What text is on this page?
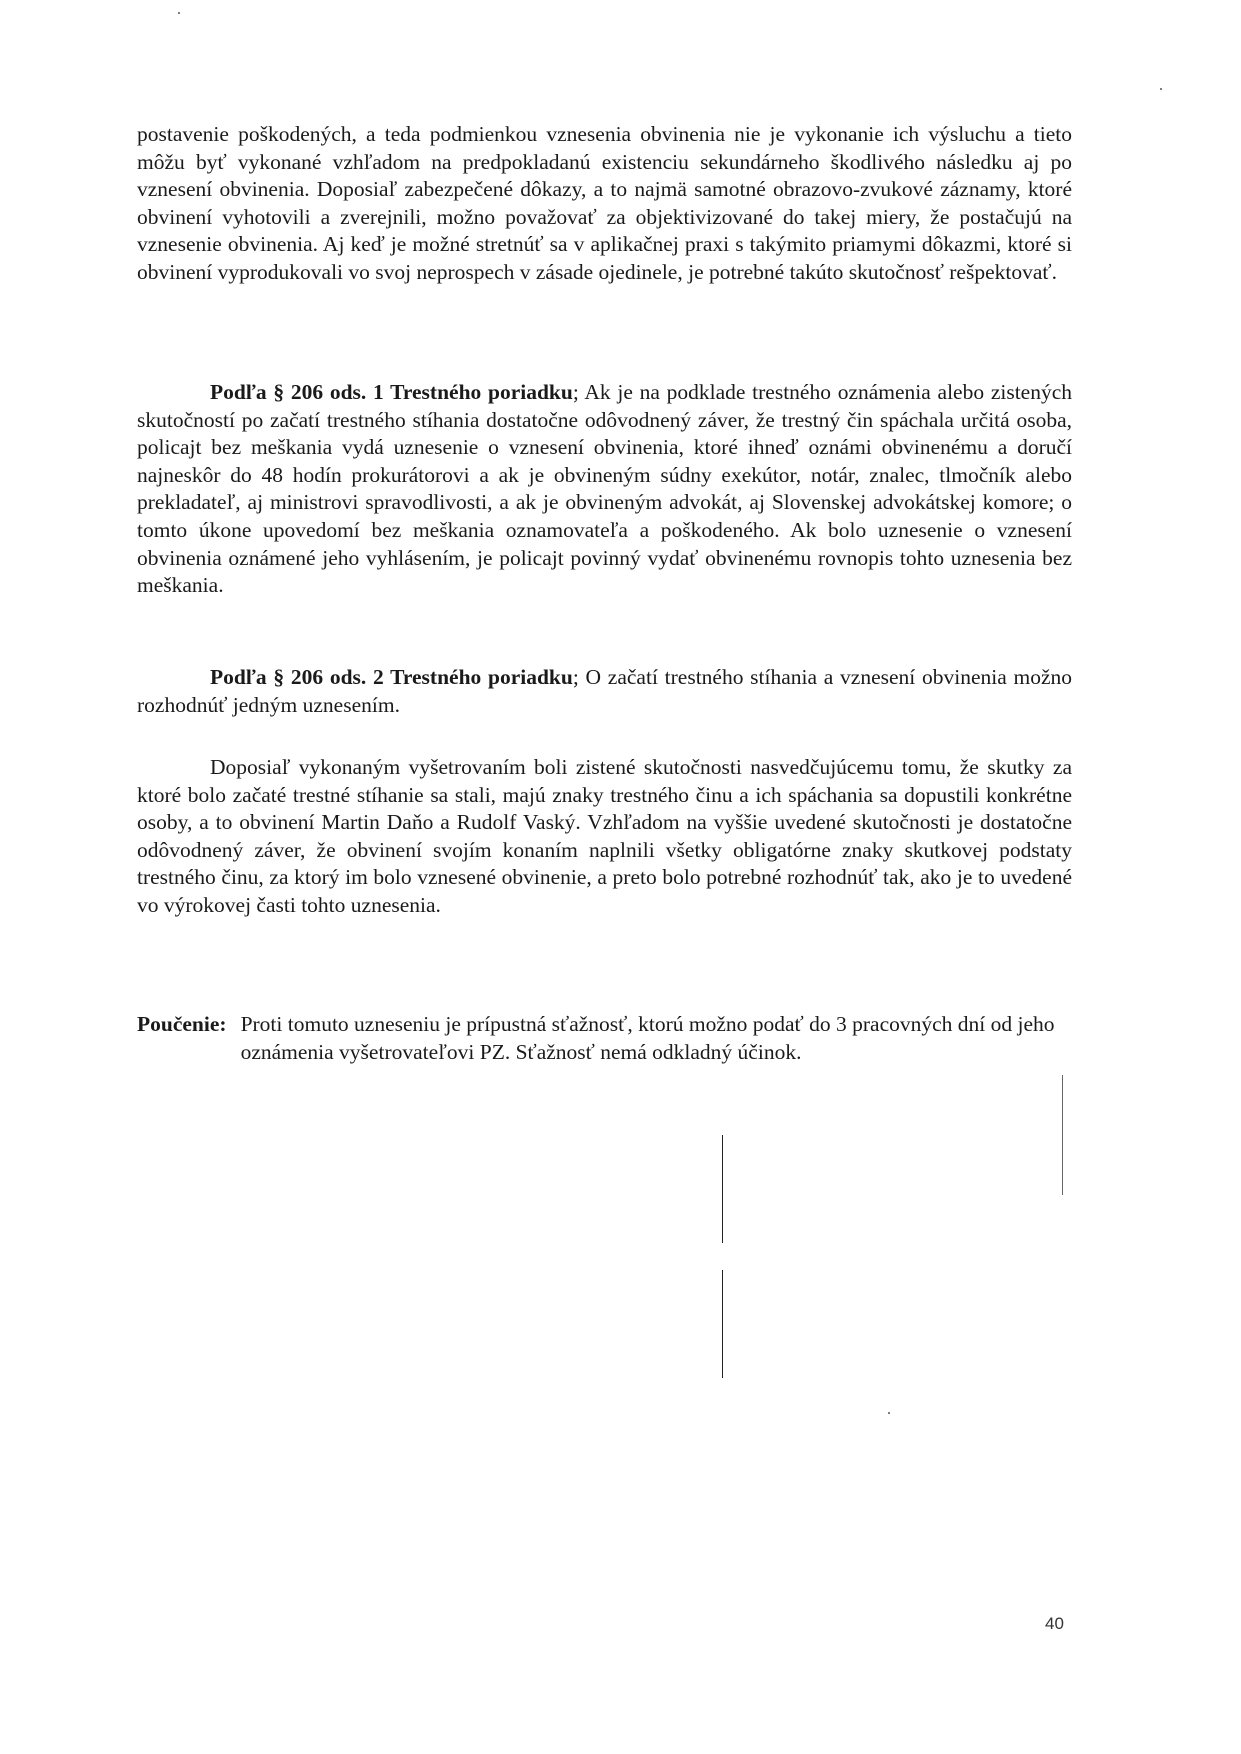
postavenie poškodených, a teda podmienkou vznesenia obvinenia nie je vykonanie ich výsluchu a tieto môžu byť vykonané vzhľadom na predpokladanú existenciu sekundárneho škodlivého následku aj po vznesení obvinenia. Doposiaľ zabezpečené dôkazy, a to najmä samotné obrazovo-zvukové záznamy, ktoré obvinení vyhotovili a zverejnili, možno považovať za objektivizované do takej miery, že postačujú na vznesenie obvinenia. Aj keď je možné stretnúť sa v aplikačnej praxi s takýmito priamymi dôkazmi, ktoré si obvinení vyprodukovali vo svoj neprospech v zásade ojedinele, je potrebné takúto skutočnosť rešpektovať.

Podľa § 206 ods. 1 Trestného poriadku; Ak je na podklade trestného oznámenia alebo zistených skutočností po začatí trestného stíhania dostatočne odôvodnený záver, že trestný čin spáchala určitá osoba, policajt bez meškania vydá uznesenie o vznesení obvinenia, ktoré ihneď oznámi obvinenému a doručí najneskôr do 48 hodín prokurátorovi a ak je obvineným súdny exekútor, notár, znalec, tlmočník alebo prekladateľ, aj ministrovi spravodlivosti, a ak je obvineným advokát, aj Slovenskej advokátskej komore; o tomto úkone upovedomí bez meškania oznamovateľa a poškodeného. Ak bolo uznesenie o vznesení obvinenia oznámené jeho vyhlásením, je policajt povinný vydať obvinenému rovnopis tohto uznesenia bez meškania.

Podľa § 206 ods. 2 Trestného poriadku; O začatí trestného stíhania a vznesení obvinenia možno rozhodnúť jedným uznesením.

Doposiaľ vykonaným vyšetrovaním boli zistené skutočnosti nasvedčujúcemu tomu, že skutky za ktoré bolo začaté trestné stíhanie sa stali, majú znaky trestného činu a ich spáchania sa dopustili konkrétne osoby, a to obvinení Martin Daňo a Rudolf Vaský. Vzhľadom na vyššie uvedené skutočnosti je dostatočne odôvodnený záver, že obvinení svojím konaním naplnili všetky obligatórne znaky skutkovej podstaty trestného činu, za ktorý im bolo vznesené obvinenie, a preto bolo potrebné rozhodnúť tak, ako je to uvedené vo výrokovej časti tohto uznesenia.

Poučenie: Proti tomuto uzneseniu je prípustná sťažnosť, ktorú možno podať do 3 pracovných dní od jeho oznámenia vyšetrovateľovi PZ. Sťažnosť nemá odkladný účinok.
40
